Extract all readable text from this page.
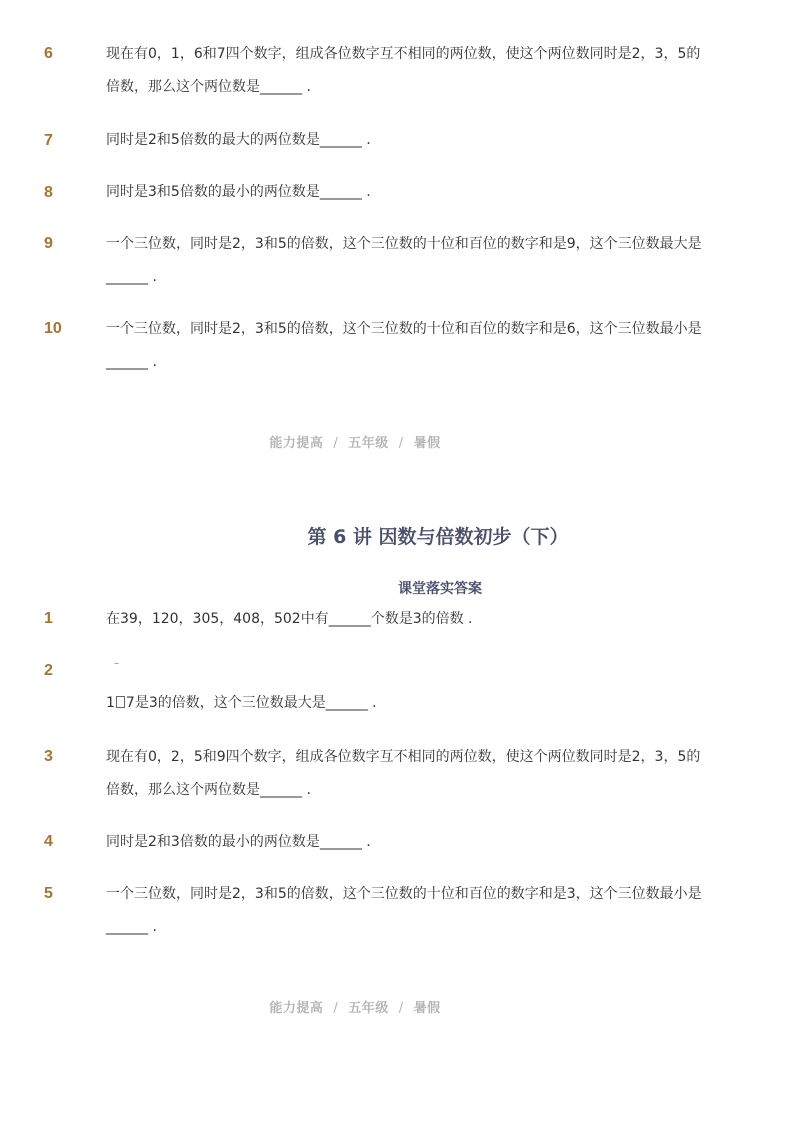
6	现在有0，1，6和7四个数字，组成各位数字互不相同的两位数，使这个两位数同时是2，3，5的
倍数，那么这个两位数是______ .
7	同时是2和5倍数的最大的两位数是______ .
8	同时是3和5倍数的最小的两位数是______ .
9	一个三位数，同时是2，3和5的倍数，这个三位数的十位和百位的数字和是9，这个三位数最大是
______ .
10	一个三位数，同时是2，3和5的倍数，这个三位数的十位和百位的数字和是6，这个三位数最小是
______ .
能力提高 / 五年级 / 暑假
第 6 讲 因数与倍数初步（下）
课堂落实答案
1	在39，120，305，408，502中有______个数是3的倍数 .
2	–
1 7是3的倍数，这个三位数最大是______ .
3	现在有0，2，5和9四个数字，组成各位数字互不相同的两位数，使这个两位数同时是2，3，5的
倍数，那么这个两位数是______ .
4	同时是2和3倍数的最小的两位数是______ .
5	一个三位数，同时是2，3和5的倍数，这个三位数的十位和百位的数字和是3，这个三位数最小是
______ .
能力提高 / 五年级 / 暑假
